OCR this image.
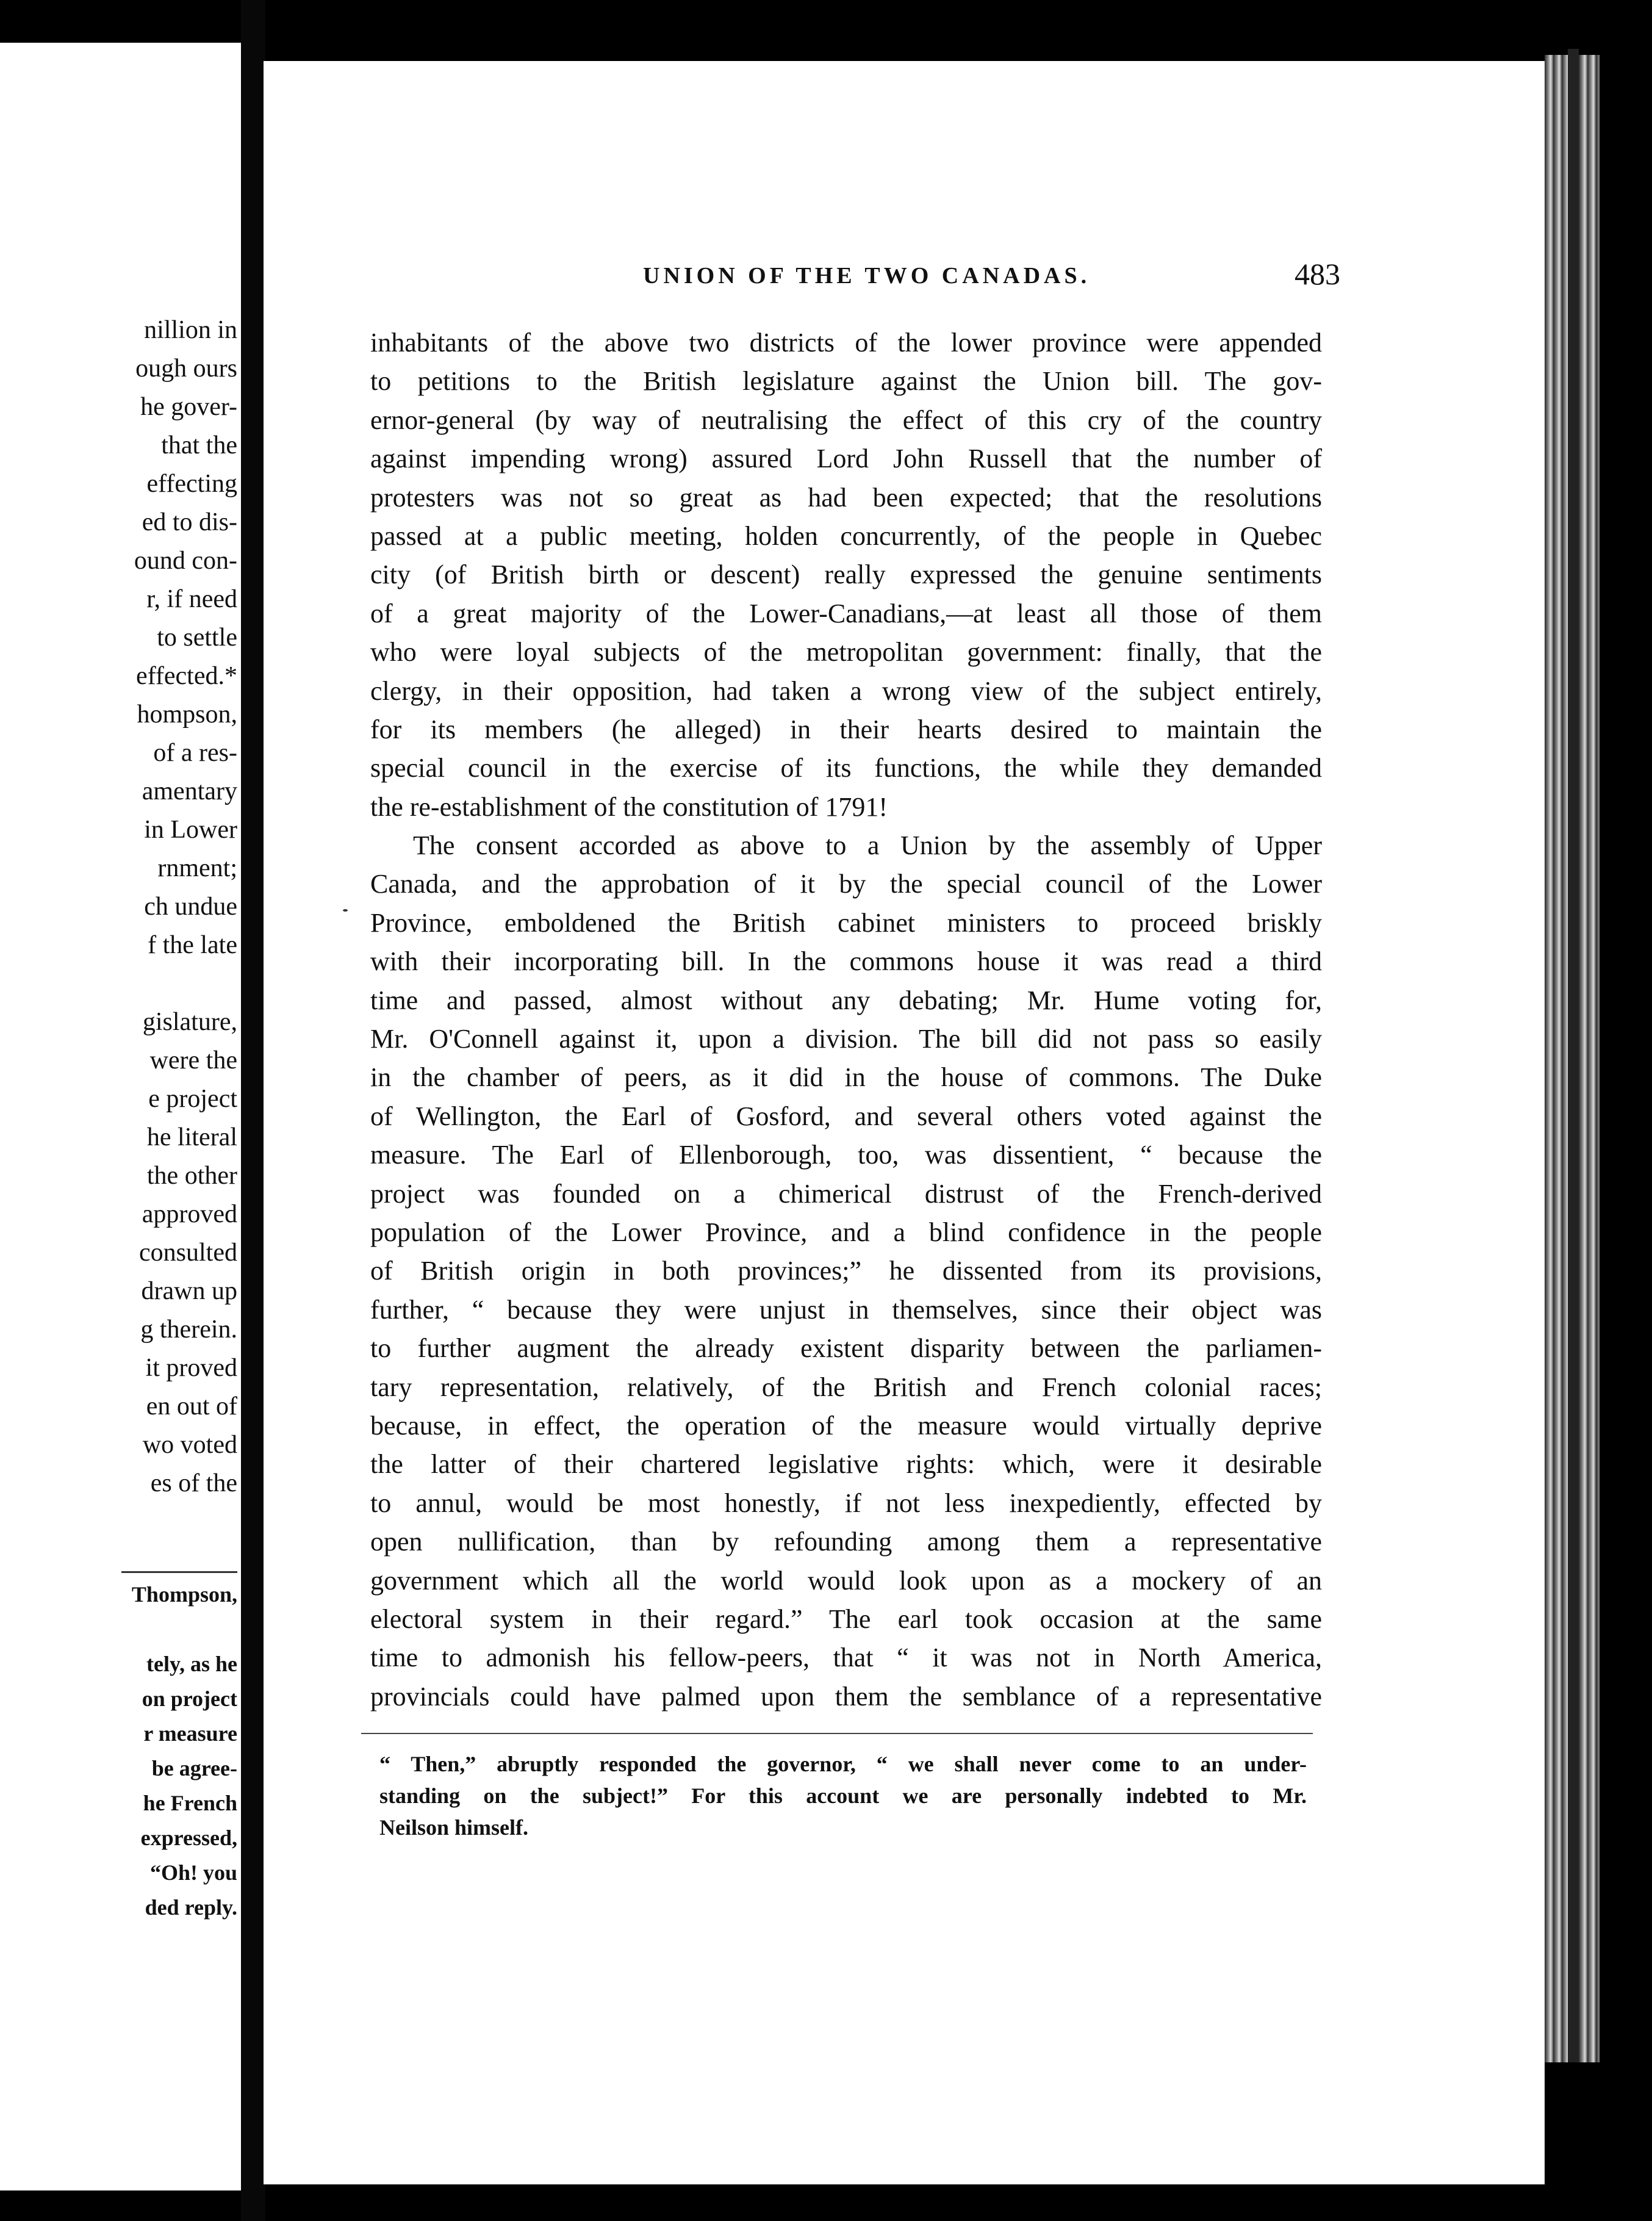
nillion in
ough ours
he gover-
that the
effecting
ed to dis-
ound con-
r, if need
to settle
effected.*
hompson,
of a res-
amentary
in Lower
rnment;
ch undue
f the late

gislature,
were the
e project
he literal
the other
approved
consulted
drawn up
g therein.
it proved
en out of
wo voted
es of the
Thompson,

tely, as he
on project
r measure
be agree-
he French
expressed,
“Oh! you
ded reply.
UNION OF THE TWO CANADAS.	483
inhabitants of the above two districts of the lower province were appended
to petitions to the British legislature against the Union bill. The gov-
ernor-general (by way of neutralising the effect of this cry of the country
against impending wrong) assured Lord John Russell that the number of
protesters was not so great as had been expected; that the resolutions
passed at a public meeting, holden concurrently, of the people in Quebec
city (of British birth or descent) really expressed the genuine sentiments
of a great majority of the Lower-Canadians,—at least all those of them
who were loyal subjects of the metropolitan government: finally, that the
clergy, in their opposition, had taken a wrong view of the subject entirely,
for its members (he alleged) in their hearts desired to maintain the
special council in the exercise of its functions, the while they demanded
the re-establishment of the constitution of 1791!
The consent accorded as above to a Union by the assembly of Upper
Canada, and the approbation of it by the special council of the Lower
Province, emboldened the British cabinet ministers to proceed briskly
with their incorporating bill. In the commons house it was read a third
time and passed, almost without any debating; Mr. Hume voting for,
Mr. O'Connell against it, upon a division. The bill did not pass so easily
in the chamber of peers, as it did in the house of commons. The Duke
of Wellington, the Earl of Gosford, and several others voted against the
measure. The Earl of Ellenborough, too, was dissentient, “ because the
project was founded on a chimerical distrust of the French-derived
population of the Lower Province, and a blind confidence in the people
of British origin in both provinces;” he dissented from its provisions,
further, “ because they were unjust in themselves, since their object was
to further augment the already existent disparity between the parliamen-
tary representation, relatively, of the British and French colonial races;
because, in effect, the operation of the measure would virtually deprive
the latter of their chartered legislative rights: which, were it desirable
to annul, would be most honestly, if not less inexpediently, effected by
open nullification, than by refounding among them a representative
government which all the world would look upon as a mockery of an
electoral system in their regard.” The earl took occasion at the same
time to admonish his fellow-peers, that “ it was not in North America,
provincials could have palmed upon them the semblance of a representative
“ Then,” abruptly responded the governor, “ we shall never come to an under-
standing on the subject!” For this account we are personally indebted to Mr.
Neilson himself.
